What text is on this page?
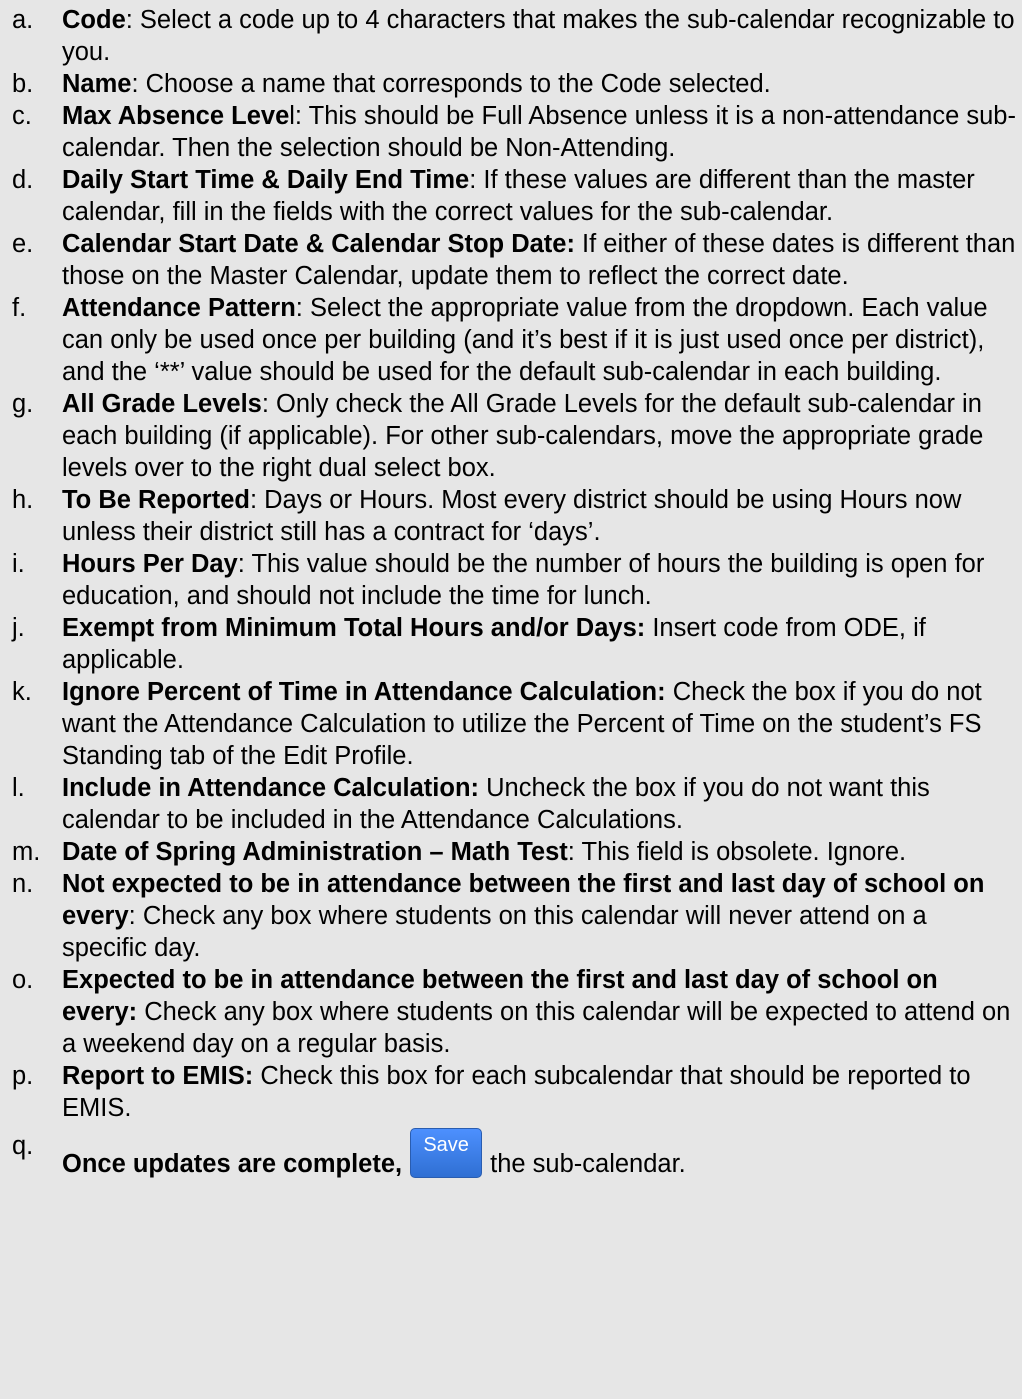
a. Code: Select a code up to 4 characters that makes the sub-calendar recognizable to you.
b. Name: Choose a name that corresponds to the Code selected.
c. Max Absence Level: This should be Full Absence unless it is a non-attendance sub-calendar. Then the selection should be Non-Attending.
d. Daily Start Time & Daily End Time: If these values are different than the master calendar, fill in the fields with the correct values for the sub-calendar.
e. Calendar Start Date & Calendar Stop Date: If either of these dates is different than those on the Master Calendar, update them to reflect the correct date.
f. Attendance Pattern: Select the appropriate value from the dropdown. Each value can only be used once per building (and it’s best if it is just used once per district), and the ‘**’ value should be used for the default sub-calendar in each building.
g. All Grade Levels: Only check the All Grade Levels for the default sub-calendar in each building (if applicable). For other sub-calendars, move the appropriate grade levels over to the right dual select box.
h. To Be Reported: Days or Hours. Most every district should be using Hours now unless their district still has a contract for ‘days’.
i. Hours Per Day: This value should be the number of hours the building is open for education, and should not include the time for lunch.
j. Exempt from Minimum Total Hours and/or Days: Insert code from ODE, if applicable.
k. Ignore Percent of Time in Attendance Calculation: Check the box if you do not want the Attendance Calculation to utilize the Percent of Time on the student’s FS Standing tab of the Edit Profile.
l. Include in Attendance Calculation: Uncheck the box if you do not want this calendar to be included in the Attendance Calculations.
m. Date of Spring Administration – Math Test: This field is obsolete. Ignore.
n. Not expected to be in attendance between the first and last day of school on every: Check any box where students on this calendar will never attend on a specific day.
o. Expected to be in attendance between the first and last day of school on every: Check any box where students on this calendar will be expected to attend on a weekend day on a regular basis.
p. Report to EMIS: Check this box for each subcalendar that should be reported to EMIS.
q.
Once updates are complete,
Save
the sub-calendar.
